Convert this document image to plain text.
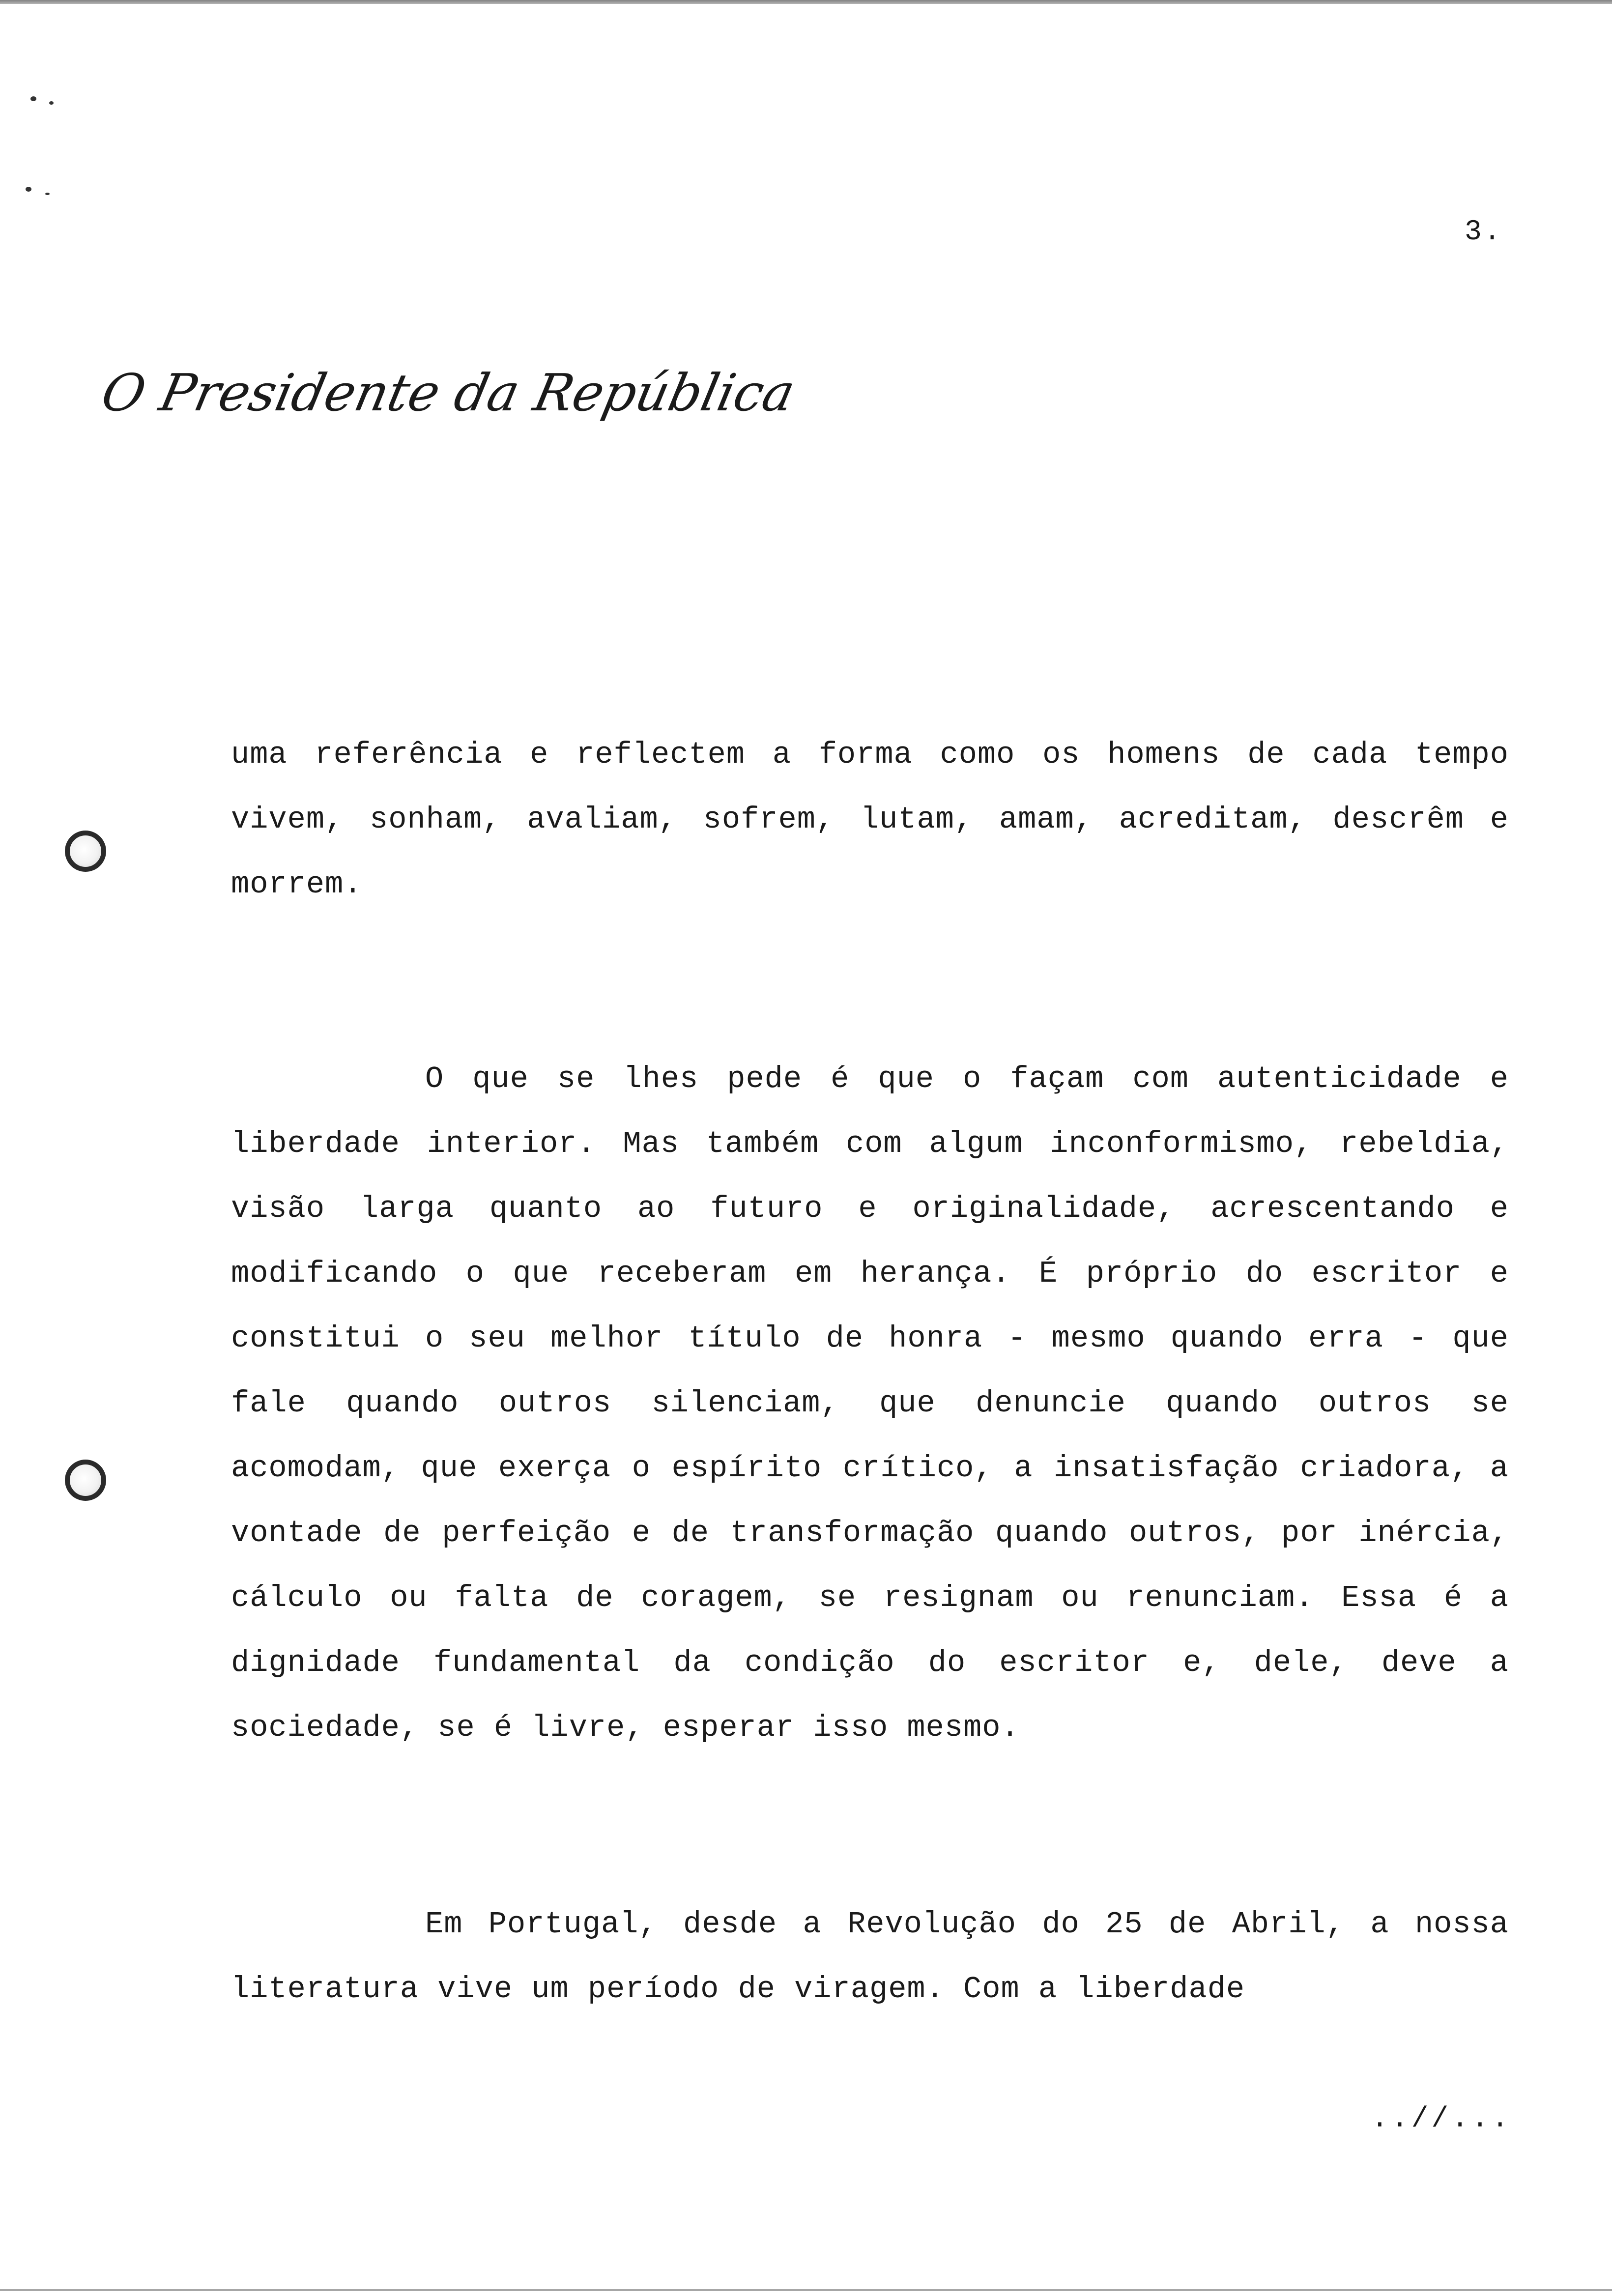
3.
O Presidente da República

uma referência e reflectem a forma como os homens de cada tempo vivem, sonham, avaliam, sofrem, lutam, amam, acreditam, descrêm e morrem.

O que se lhes pede é que o façam com autenticidade e liberdade interior. Mas também com algum inconformismo, rebeldia, visão larga quanto ao futuro e originalidade, acrescentando e modificando o que receberam em herança. É próprio do escritor e constitui o seu melhor título de honra - mesmo quando erra - que fale quando outros silenciam, que denuncie quando outros se acomodam, que exerça o espírito crítico, a insatisfação criadora, a vontade de perfeição e de transformação quando outros, por inércia, cálculo ou falta de coragem, se resignam ou renunciam. Essa é a dignidade fundamental da condição do escritor e, dele, deve a sociedade, se é livre, esperar isso mesmo.

Em Portugal, desde a Revolução do 25 de Abril, a nossa literatura vive um período de viragem. Com a liberdade

..//...
